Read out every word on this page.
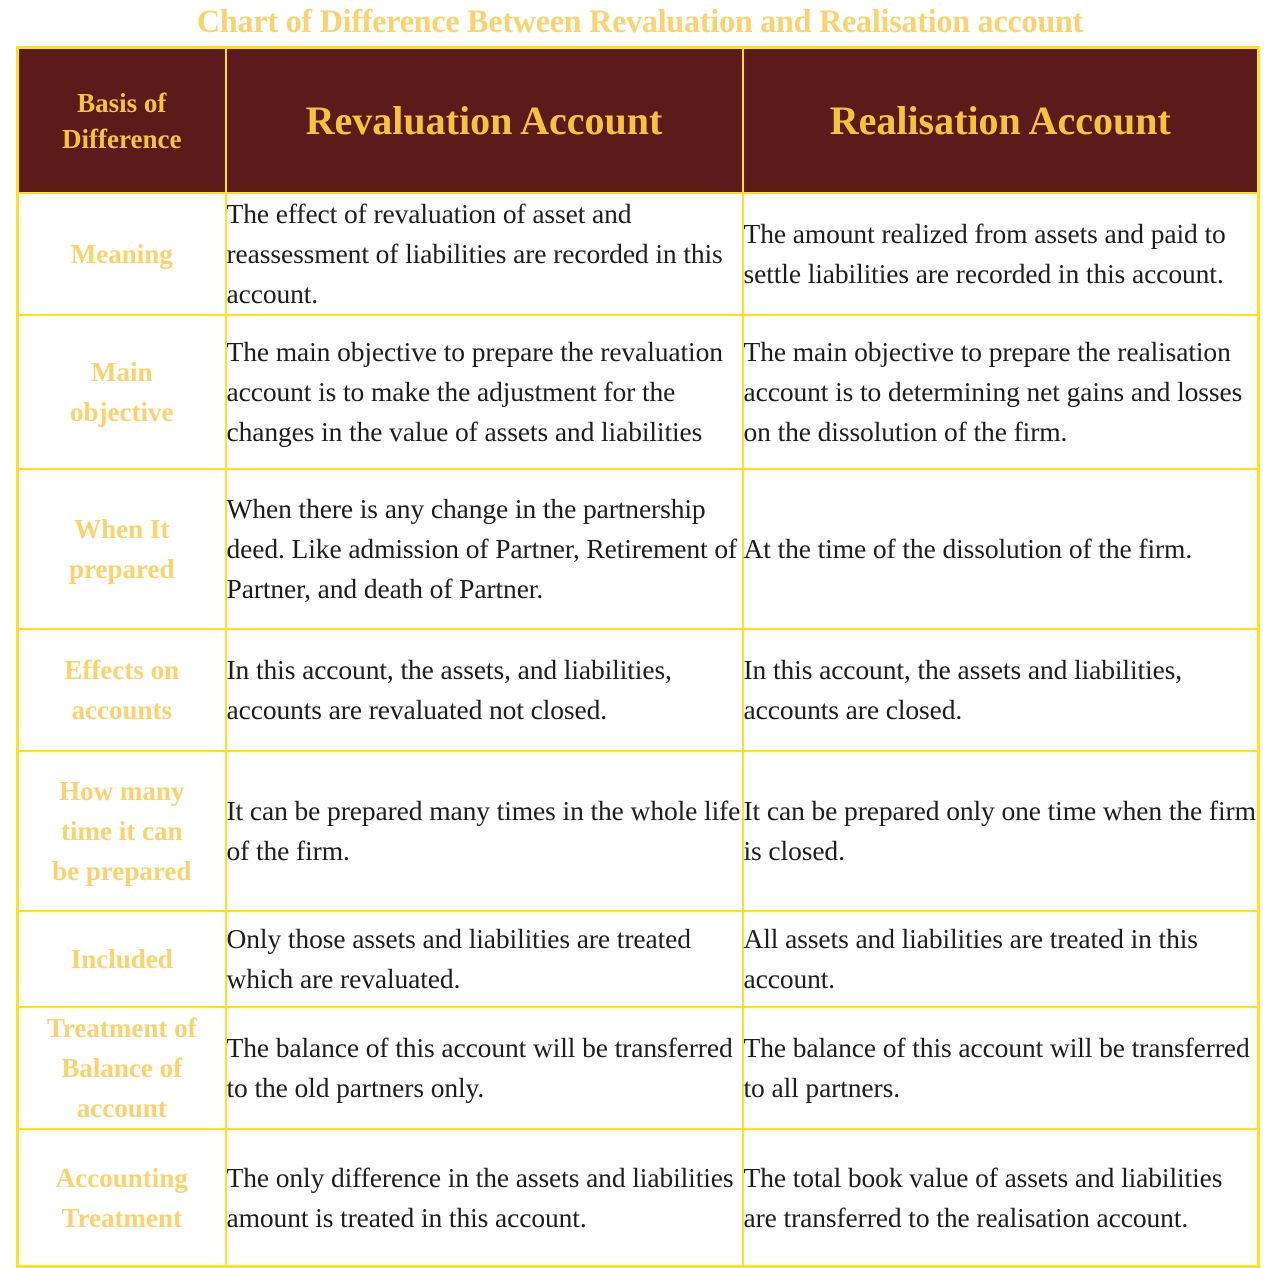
Chart of Difference Between Revaluation and Realisation account
Basis of
Difference	Revaluation Account	Realisation Account
Meaning	The effect of revaluation of asset and reassessment of liabilities are recorded in this account.	The amount realized from assets and paid to settle liabilities are recorded in this account.
Main
objective	The main objective to prepare the revaluation account is to make the adjustment for the changes in the value of assets and liabilities	The main objective to prepare the realisation account is to determining net gains and losses on the dissolution of the firm.
When It
prepared	When there is any change in the partnership deed. Like admission of Partner, Retirement of Partner, and death of Partner.	At the time of the dissolution of the firm.
Effects on
accounts	In this account, the assets, and liabilities, accounts are revaluated not closed.	In this account, the assets and liabilities, accounts are closed.
How many
time it can
be prepared	It can be prepared many times in the whole life of the firm.	It can be prepared only one time when the firm is closed.
Included	Only those assets and liabilities are treated which are revaluated.	All assets and liabilities are treated in this account.
Treatment of
Balance of
account	The balance of this account will be transferred to the old partners only.	The balance of this account will be transferred to all partners.
Accounting
Treatment	The only difference in the assets and liabilities amount is treated in this account.	The total book value of assets and liabilities are transferred to the realisation account.
